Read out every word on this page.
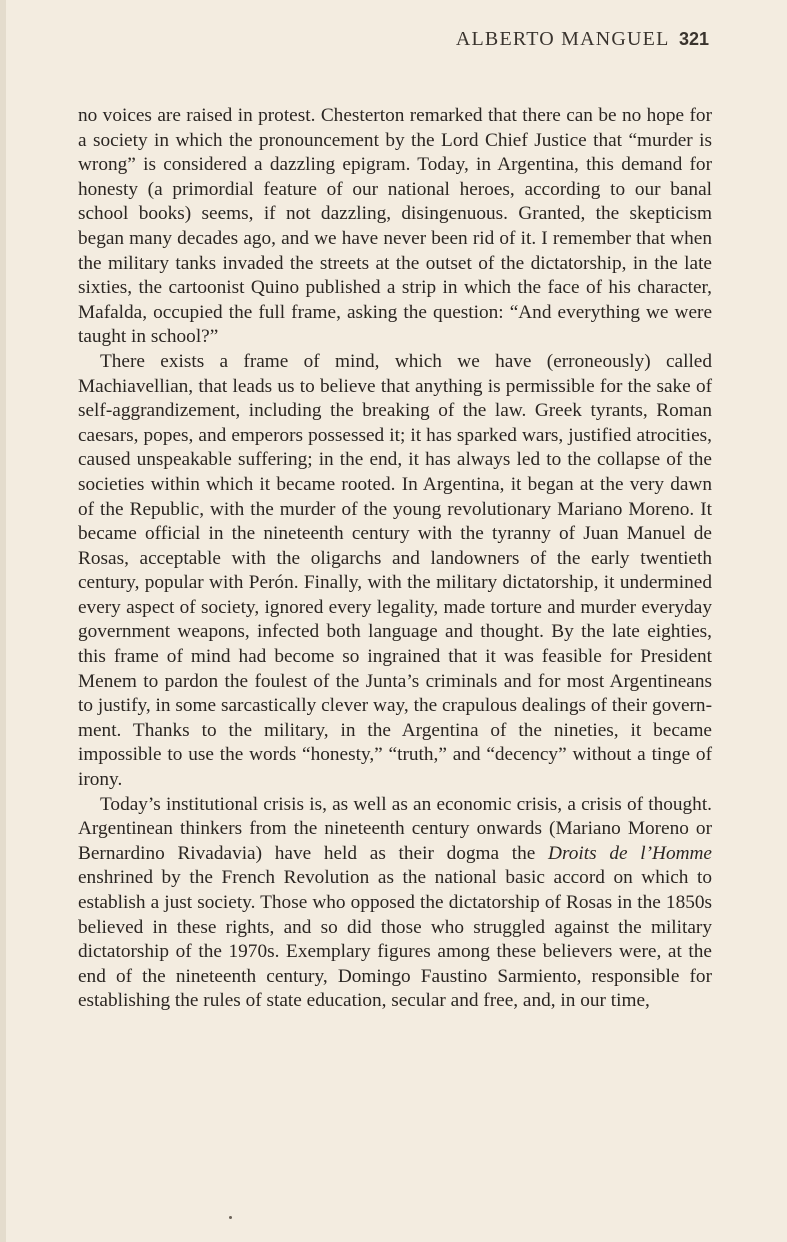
ALBERTO MANGUEL 321

no voices are raised in protest. Chesterton remarked that there can be no hope for a society in which the pronouncement by the Lord Chief Justice that “murder is wrong” is considered a dazzling epigram. Today, in Argentina, this demand for honesty (a primordial feature of our national heroes, according to our banal school books) seems, if not dazzling, disingenuous. Granted, the skepticism began many decades ago, and we have never been rid of it. I remember that when the military tanks invaded the streets at the outset of the dictatorship, in the late sixties, the cartoonist Quino published a strip in which the face of his character, Mafalda, occupied the full frame, asking the question: “And everything we were taught in school?”

There exists a frame of mind, which we have (erroneously) called Machiavellian, that leads us to believe that anything is permissible for the sake of self-aggrandizement, including the breaking of the law. Greek tyrants, Roman caesars, popes, and emperors possessed it; it has sparked wars, justified atrocities, caused unspeakable suffering; in the end, it has always led to the collapse of the societies within which it became rooted. In Argentina, it began at the very dawn of the Republic, with the murder of the young revolutionary Mariano Moreno. It became official in the nineteenth century with the tyranny of Juan Manuel de Rosas, acceptable with the oligarchs and landowners of the early twentieth century, popular with Perón. Finally, with the military dictatorship, it undermined every aspect of society, ignored every legality, made torture and murder everyday government weapons, infected both language and thought. By the late eighties, this frame of mind had become so ingrained that it was feasible for President Menem to pardon the foulest of the Junta’s criminals and for most Argentineans to justify, in some sarcastically clever way, the crapulous dealings of their government. Thanks to the military, in the Argentina of the nineties, it became impossible to use the words “honesty,” “truth,” and “decency” without a tinge of irony.

Today’s institutional crisis is, as well as an economic crisis, a crisis of thought. Argentinean thinkers from the nineteenth century onwards (Mariano Moreno or Bernardino Rivadavia) have held as their dogma the Droits de l’Homme enshrined by the French Revolution as the national basic accord on which to establish a just society. Those who opposed the dictatorship of Rosas in the 1850s believed in these rights, and so did those who struggled against the military dictatorship of the 1970s. Exemplary figures among these believers were, at the end of the nineteenth century, Domingo Faustino Sarmiento, responsible for establishing the rules of state education, secular and free, and, in our time,
